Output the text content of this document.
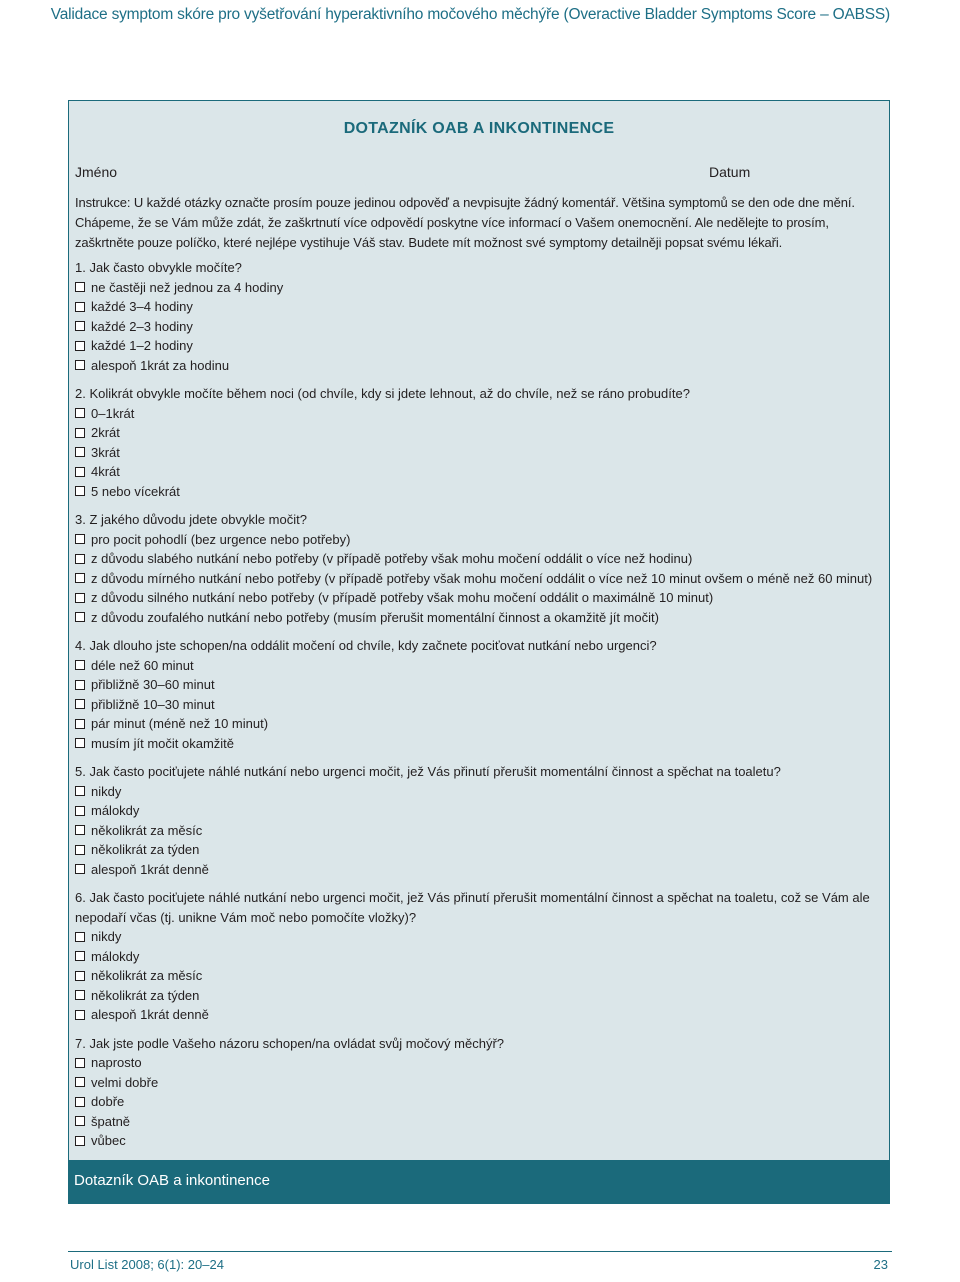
Validace symptom skóre pro vyšetřování hyperaktivního močového měchýře (Overactive Bladder Symptoms Score – OABSS)
DOTAZNÍK OAB A INKONTINENCE
Jméno	Datum
Instrukce: U každé otázky označte prosím pouze jedinou odpověď a nevpisujte žádný komentář. Většina symptomů se den ode dne mění.
Chápeme, že se Vám může zdát, že zaškrtnutí více odpovědí poskytne více informací o Vašem onemocnění. Ale nedělejte to prosím,
zaškrtněte pouze políčko, které nejlépe vystihuje Váš stav. Budete mít možnost své symptomy detailněji popsat svému lékaři.
1. Jak často obvykle močíte?
ne častěji než jednou za 4 hodiny
každé 3–4 hodiny
každé 2–3 hodiny
každé 1–2 hodiny
alespoň 1krát za hodinu
2. Kolikrát obvykle močíte během noci (od chvíle, kdy si jdete lehnout, až do chvíle, než se ráno probudíte?
0–1krát
2krát
3krát
4krát
5 nebo vícekrát
3. Z jakého důvodu jdete obvykle močit?
pro pocit pohodlí (bez urgence nebo potřeby)
z důvodu slabého nutkání nebo potřeby (v případě potřeby však mohu močení oddálit o více než hodinu)
z důvodu mírného nutkání nebo potřeby (v případě potřeby však mohu močení oddálit o více než 10 minut ovšem o méně než 60 minut)
z důvodu silného nutkání nebo potřeby (v případě potřeby však mohu močení oddálit o maximálně 10 minut)
z důvodu zoufalého nutkání nebo potřeby (musím přerušit momentální činnost a okamžitě jít močit)
4. Jak dlouho jste schopen/na oddálit močení od chvíle, kdy začnete pociťovat nutkání nebo urgenci?
déle než 60 minut
přibližně 30–60 minut
přibližně 10–30 minut
pár minut (méně než 10 minut)
musím jít močit okamžitě
5. Jak často pociťujete náhlé nutkání nebo urgenci močit, jež Vás přinutí přerušit momentální činnost a spěchat na toaletu?
nikdy
málokdy
několikrát za měsíc
několikrát za týden
alespoň 1krát denně
6. Jak často pociťujete náhlé nutkání nebo urgenci močit, jež Vás přinutí přerušit momentální činnost a spěchat na toaletu, což se Vám ale
nepodaří včas (tj. unikne Vám moč nebo pomočíte vložky)?
nikdy
málokdy
několikrát za měsíc
několikrát za týden
alespoň 1krát denně
7. Jak jste podle Vašeho názoru schopen/na ovládat svůj močový měchýř?
naprosto
velmi dobře
dobře
špatně
vůbec
Dotazník OAB a inkontinence
Urol List 2008; 6(1): 20–24	23
